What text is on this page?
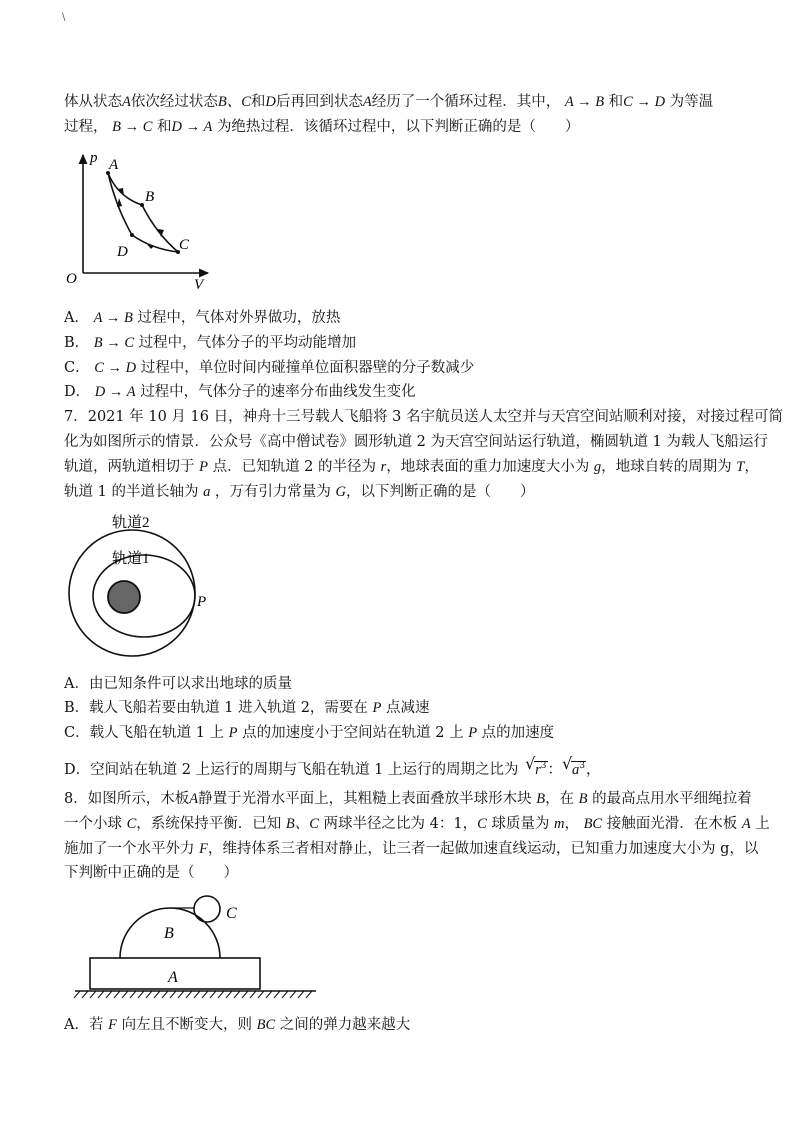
\
体从状态A依次经过状态B、C和D后再回到状态A经历了一个循环过程．其中， A → B 和C → D 为等温
过程， B → C 和D → A 为绝热过程．该循环过程中，以下判断正确的是（　　）
p
V
O
A
B
C
D
A． A → B 过程中，气体对外界做功，放热
B． B → C 过程中，气体分子的平均动能增加
C． C → D 过程中，单位时间内碰撞单位面积器壁的分子数减少
D． D → A 过程中，气体分子的速率分布曲线发生变化
7．2021 年 10 月 16 日，神舟十三号载人飞船将 3 名宇航员送人太空并与天宫空间站顺利对接，对接过程可简
化为如图所示的情景．公众号《高中僧试卷》圆形轨道 2 为天宫空间站运行轨道，椭圆轨道 1 为载人飞船运行
轨道，两轨道相切于 P 点．已知轨道 2 的半径为 r，地球表面的重力加速度大小为 g，地球自转的周期为 T，
轨道 1 的半道长轴为 a ，万有引力常量为 G，以下判断正确的是（　　）
轨道2
轨道1
P
A．由已知条件可以求出地球的质量
B．载人飞船若要由轨道 1 进入轨道 2，需要在 P 点减速
C．载人飞船在轨道 1 上 P 点的加速度小于空间站在轨道 2 上 P 点的加速度
D．空间站在轨道 2 上运行的周期与飞船在轨道 1 上运行的周期之比为 √ $r^3$： √ $a^3$，
8．如图所示，木板A静置于光滑水平面上，其粗糙上表面叠放半球形木块 B，在 B 的最高点用水平细绳拉着
一个小球 C，系统保持平衡．已知 B、C 两球半径之比为 4：1，C 球质量为 m， BC 接触面光滑．在木板 A 上
施加了一个水平外力 F，维持体系三者相对静止，让三者一起做加速直线运动，已知重力加速度大小为 g，以
下判断中正确的是（　　）
B
A
C
A．若 F 向左且不断变大，则 BC 之间的弹力越来越大
